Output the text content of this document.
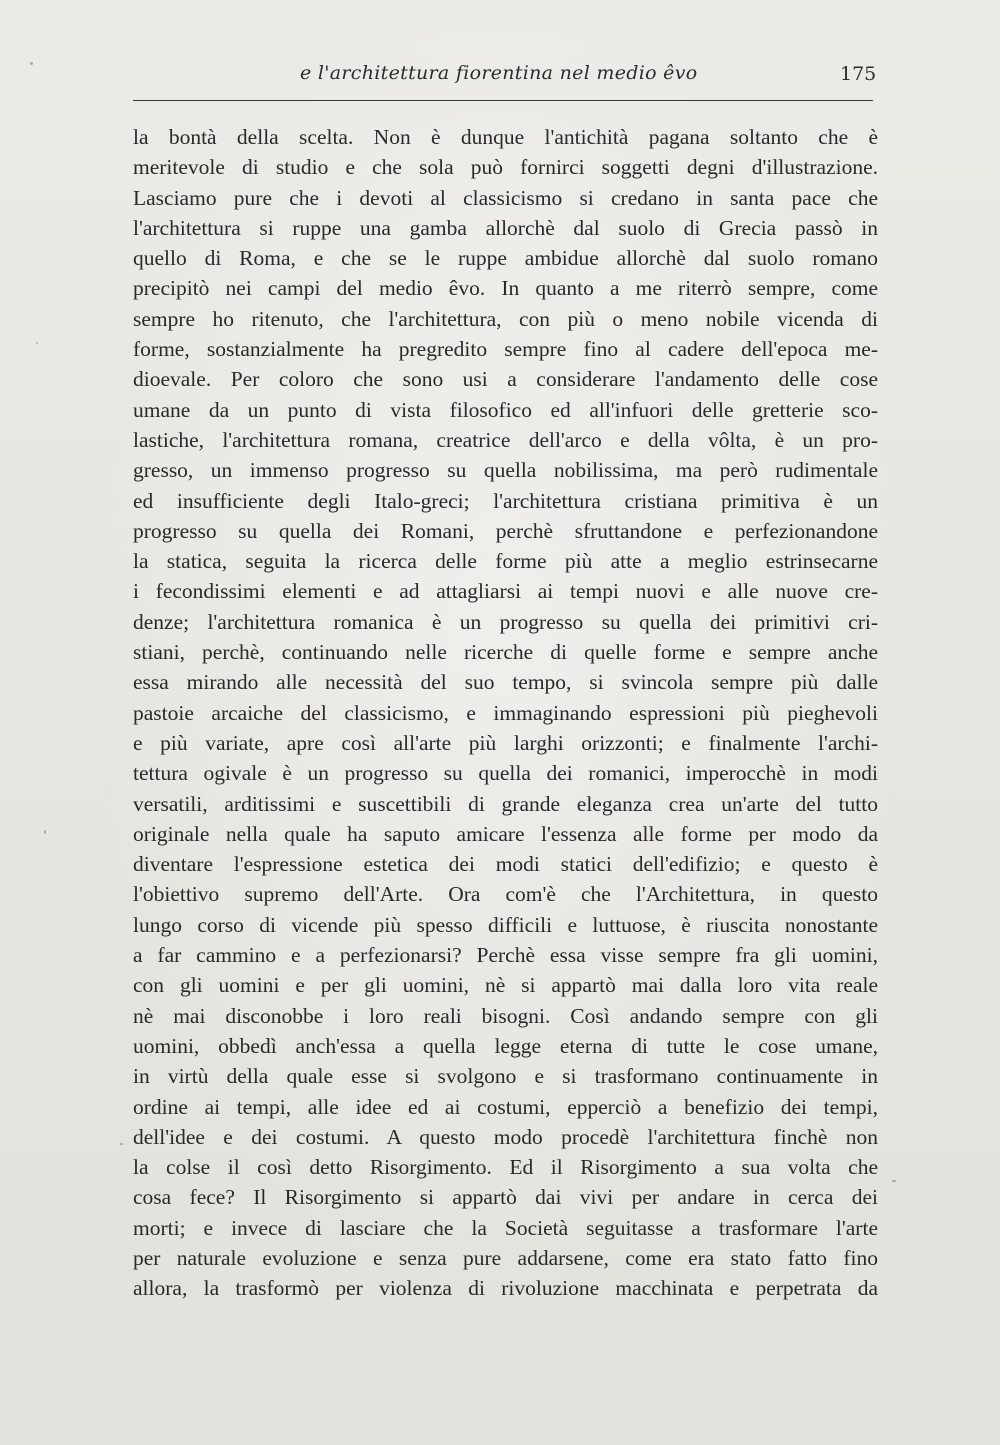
e l'architettura fiorentina nel medio êvo	175
la bontà della scelta. Non è dunque l'antichità pagana soltanto che è
meritevole di studio e che sola può fornirci soggetti degni d'illustrazione.
Lasciamo pure che i devoti al classicismo si credano in santa pace che
l'architettura si ruppe una gamba allorchè dal suolo di Grecia passò in
quello di Roma, e che se le ruppe ambidue allorchè dal suolo romano
precipitò nei campi del medio êvo. In quanto a me riterrò sempre, come
sempre ho ritenuto, che l'architettura, con più o meno nobile vicenda di
forme, sostanzialmente ha pregredito sempre fino al cadere dell'epoca me-
dioevale. Per coloro che sono usi a considerare l'andamento delle cose
umane da un punto di vista filosofico ed all'infuori delle gretterie sco-
lastiche, l'architettura romana, creatrice dell'arco e della vôlta, è un pro-
gresso, un immenso progresso su quella nobilissima, ma però rudimentale
ed insufficiente degli Italo-greci; l'architettura cristiana primitiva è un
progresso su quella dei Romani, perchè sfruttandone e perfezionandone
la statica, seguita la ricerca delle forme più atte a meglio estrinsecarne
i fecondissimi elementi e ad attagliarsi ai tempi nuovi e alle nuove cre-
denze; l'architettura romanica è un progresso su quella dei primitivi cri-
stiani, perchè, continuando nelle ricerche di quelle forme e sempre anche
essa mirando alle necessità del suo tempo, si svincola sempre più dalle
pastoie arcaiche del classicismo, e immaginando espressioni più pieghevoli
e più variate, apre così all'arte più larghi orizzonti; e finalmente l'archi-
tettura ogivale è un progresso su quella dei romanici, imperocchè in modi
versatili, arditissimi e suscettibili di grande eleganza crea un'arte del tutto
originale nella quale ha saputo amicare l'essenza alle forme per modo da
diventare l'espressione estetica dei modi statici dell'edifizio; e questo è
l'obiettivo supremo dell'Arte. Ora com'è che l'Architettura, in questo
lungo corso di vicende più spesso difficili e luttuose, è riuscita nonostante
a far cammino e a perfezionarsi? Perchè essa visse sempre fra gli uomini,
con gli uomini e per gli uomini, nè si appartò mai dalla loro vita reale
nè mai disconobbe i loro reali bisogni. Così andando sempre con gli
uomini, obbedì anch'essa a quella legge eterna di tutte le cose umane,
in virtù della quale esse si svolgono e si trasformano continuamente in
ordine ai tempi, alle idee ed ai costumi, epperciò a benefizio dei tempi,
dell'idee e dei costumi. A questo modo procedè l'architettura finchè non
la colse il così detto Risorgimento. Ed il Risorgimento a sua volta che
cosa fece? Il Risorgimento si appartò dai vivi per andare in cerca dei
morti; e invece di lasciare che la Società seguitasse a trasformare l'arte
per naturale evoluzione e senza pure addarsene, come era stato fatto fino
allora, la trasformò per violenza di rivoluzione macchinata e perpetrata da
